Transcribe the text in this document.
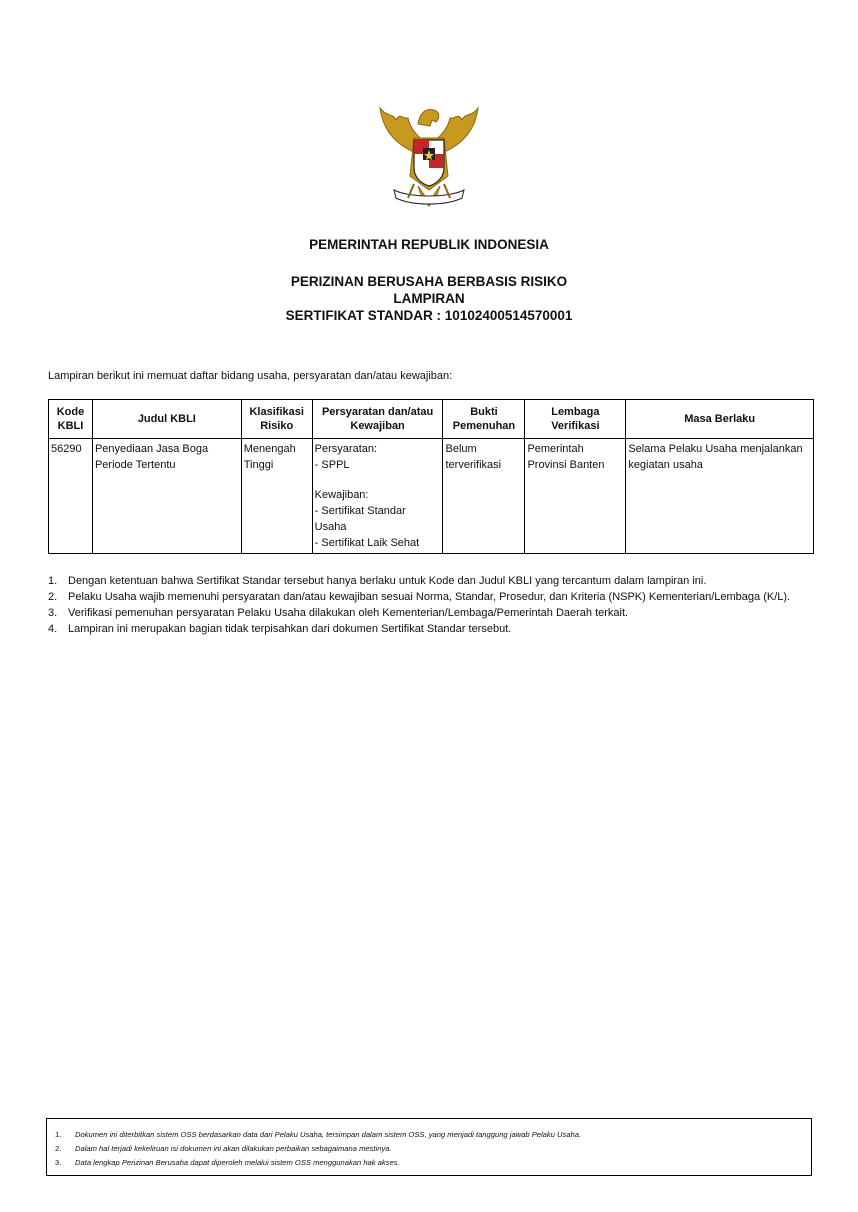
PEMERINTAH REPUBLIK INDONESIA
PERIZINAN BERUSAHA BERBASIS RISIKO
LAMPIRAN
SERTIFIKAT STANDAR : 10102400514570001
Lampiran berikut ini memuat daftar bidang usaha, persyaratan dan/atau kewajiban:
Kode KBLI	Judul KBLI	Klasifikasi Risiko	Persyaratan dan/atau Kewajiban	Bukti Pemenuhan	Lembaga Verifikasi	Masa Berlaku
56290	Penyediaan Jasa Boga Periode Tertentu	Menengah Tinggi	Persyaratan:
- SPPL
Kewajiban:
- Sertifikat Standar Usaha
- Sertifikat Laik Sehat	Belum terverifikasi	Pemerintah Provinsi Banten	Selama Pelaku Usaha menjalankan kegiatan usaha
1. Dengan ketentuan bahwa Sertifikat Standar tersebut hanya berlaku untuk Kode dan Judul KBLI yang tercantum dalam lampiran ini.
2. Pelaku Usaha wajib memenuhi persyaratan dan/atau kewajiban sesuai Norma, Standar, Prosedur, dan Kriteria (NSPK) Kementerian/Lembaga (K/L).
3. Verifikasi pemenuhan persyaratan Pelaku Usaha dilakukan oleh Kementerian/Lembaga/Pemerintah Daerah terkait.
4. Lampiran ini merupakan bagian tidak terpisahkan dari dokumen Sertifikat Standar tersebut.
1.	Dokumen ini diterbitkan sistem OSS berdasarkan data dari Pelaku Usaha, tersimpan dalam sistem OSS, yang menjadi tanggung jawab Pelaku Usaha.
2.	Dalam hal terjadi kekeliruan isi dokumen ini akan dilakukan perbaikan sebagaimana mestinya.
3.	Data lengkap Perizinan Berusaha dapat diperoleh melalui sistem OSS menggunakan hak akses.
